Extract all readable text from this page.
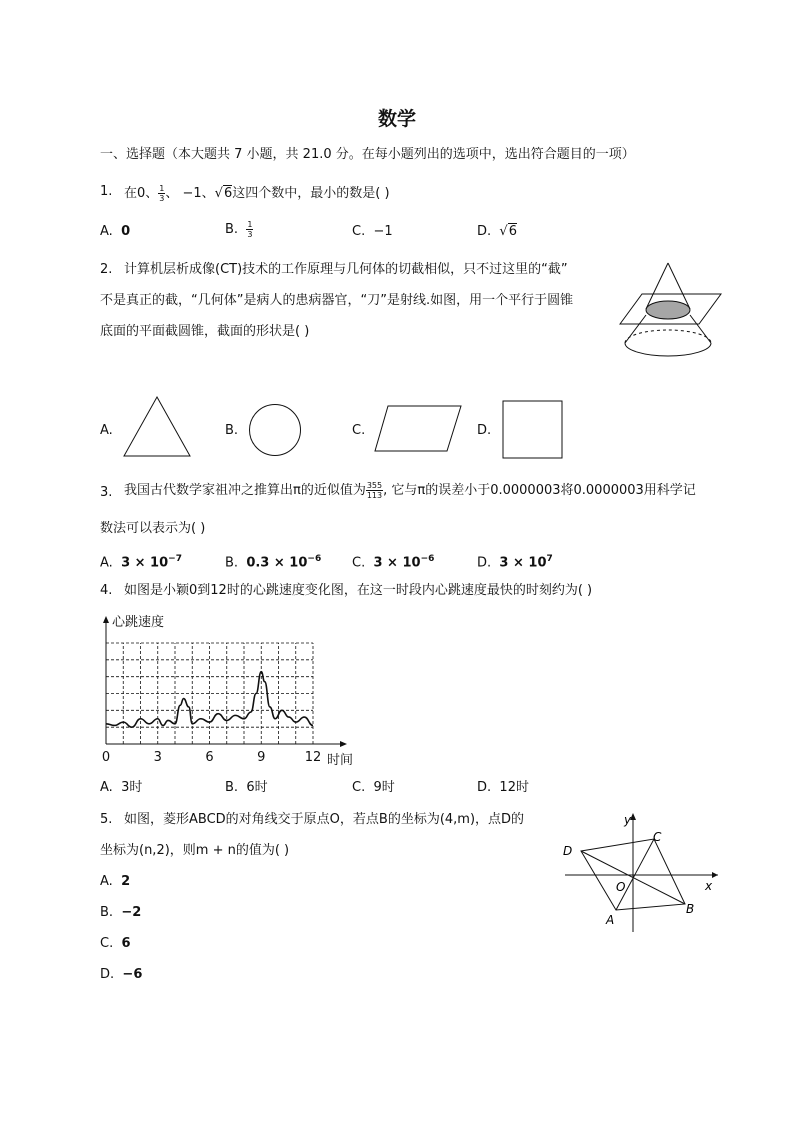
数学
一、选择题（本大题共 7 小题，共 21.0 分。在每小题列出的选项中，选出符合题目的一项）
1. 在0、 $\frac{1}{3}$ 、 −1、√6这四个数中，最小的数是( )
A. 0	B. $\frac{1}{3}$	C. −1	D. √6
2. 计算机层析成像(CT)技术的工作原理与几何体的切截相似，只不过这里的“截”
不是真正的截，“几何体”是病人的患病器官，“刀”是射线.如图，用一个平行于圆锥
底面的平面截圆锥，截面的形状是( )
A.	B.	C.	D.
3. 我国古代数学家祖冲之推算出π的近似值为 $\frac{355}{113}$ , 它与π的误差小于0.0000003将0.0000003用科学记
数法可以表示为( )
A. $3 \times 10^{-7}$	B. $0.3 \times 10^{-6}$ C. $3 \times 10^{-6}$	D. $3 \times 10^7$
4. 如图是小颖0到12时的心跳速度变化图，在这一时段内心跳速度最快的时刻约为( )
0	3	6	9	12
心跳速度
时间
A. 3时	B. 6时	C. 9时	D. 12时
5. 如图，菱形ABCD的对角线交于原点O，若点B的坐标为(4,m)，点D的
坐标为(n,2)，则m + n的值为( )
A. 2
B. −2
C. 6
D. −6
y
x
C
D
O
A
B
